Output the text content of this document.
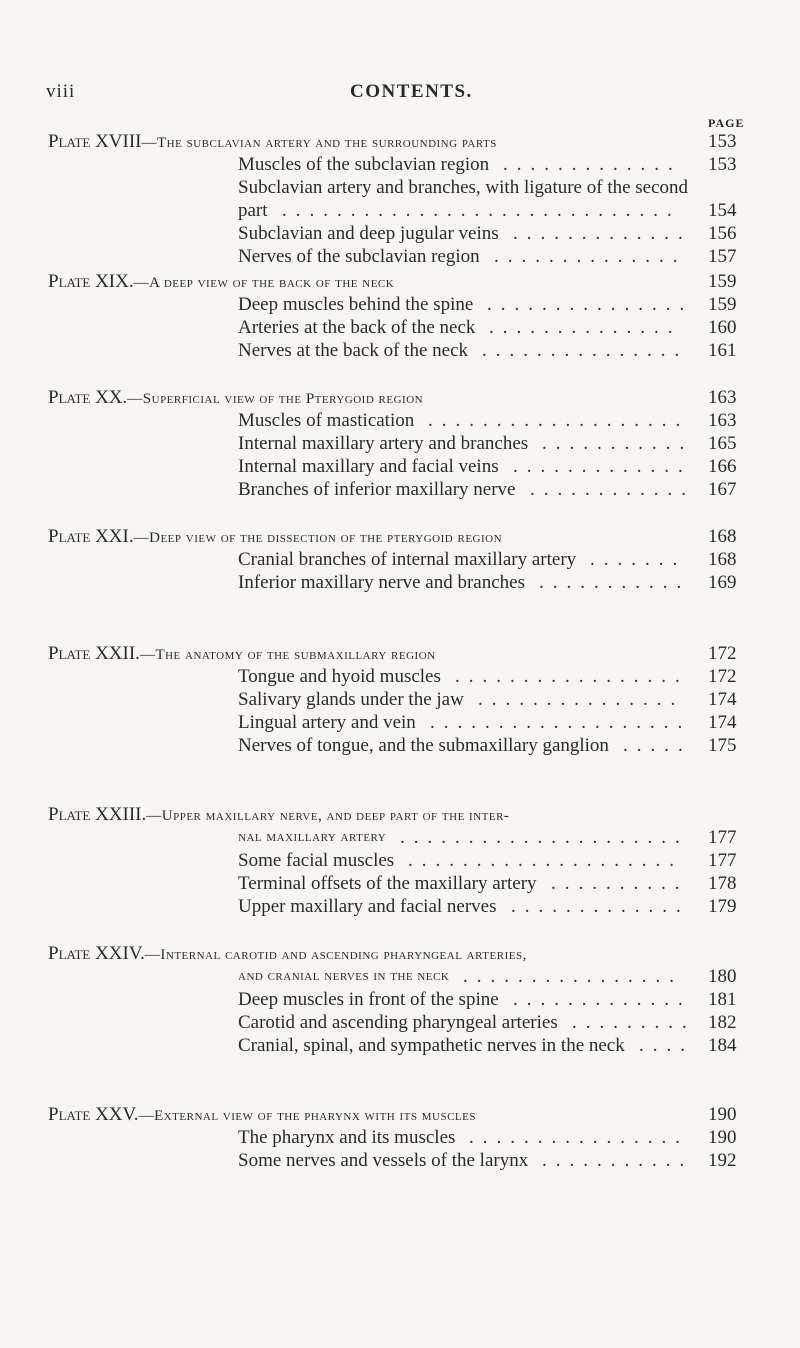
viii	CONTENTS.
PAGE
Plate XVIII—The subclavian artery and the surrounding parts	153
Muscles of the subclavian region ............. 153
Subclavian artery and branches, with ligature of the second
part ............................. 154
Subclavian and deep jugular veins ............. 156
Nerves of the subclavian region .............. 157
Plate XIX.—A deep view of the back of the neck	159
Deep muscles behind the spine ............... 159
Arteries at the back of the neck .............. 160
Nerves at the back of the neck ............... 161
Plate XX.—Superficial view of the Pterygoid region	163
Muscles of mastication ................... 163
Internal maxillary artery and branches ........... 165
Internal maxillary and facial veins ............. 166
Branches of inferior maxillary nerve ............ 167
Plate XXI.—Deep view of the dissection of the pterygoid region	168
Cranial branches of internal maxillary artery ....... 168
Inferior maxillary nerve and branches ........... 169
Plate XXII.—The anatomy of the submaxillary region	172
Tongue and hyoid muscles ................. 172
Salivary glands under the jaw ............... 174
Lingual artery and vein ................... 174
Nerves of tongue, and the submaxillary ganglion ..... 175
Plate XXIII.—Upper maxillary nerve, and deep part of the inter-
nal maxillary artery	177
.....................
Some facial muscles .................... 177
Terminal offsets of the maxillary artery .......... 178
Upper maxillary and facial nerves ............. 179
Plate XXIV.—Internal carotid and ascending pharyngeal arteries,
and cranial nerves in the neck	180
................
Deep muscles in front of the spine ............. 181
Carotid and ascending pharyngeal arteries ......... 182
Cranial, spinal, and sympathetic nerves in the neck .... 184
Plate XXV.—External view of the pharynx with its muscles	190
The pharynx and its muscles ................ 190
Some nerves and vessels of the larynx ........... 192
